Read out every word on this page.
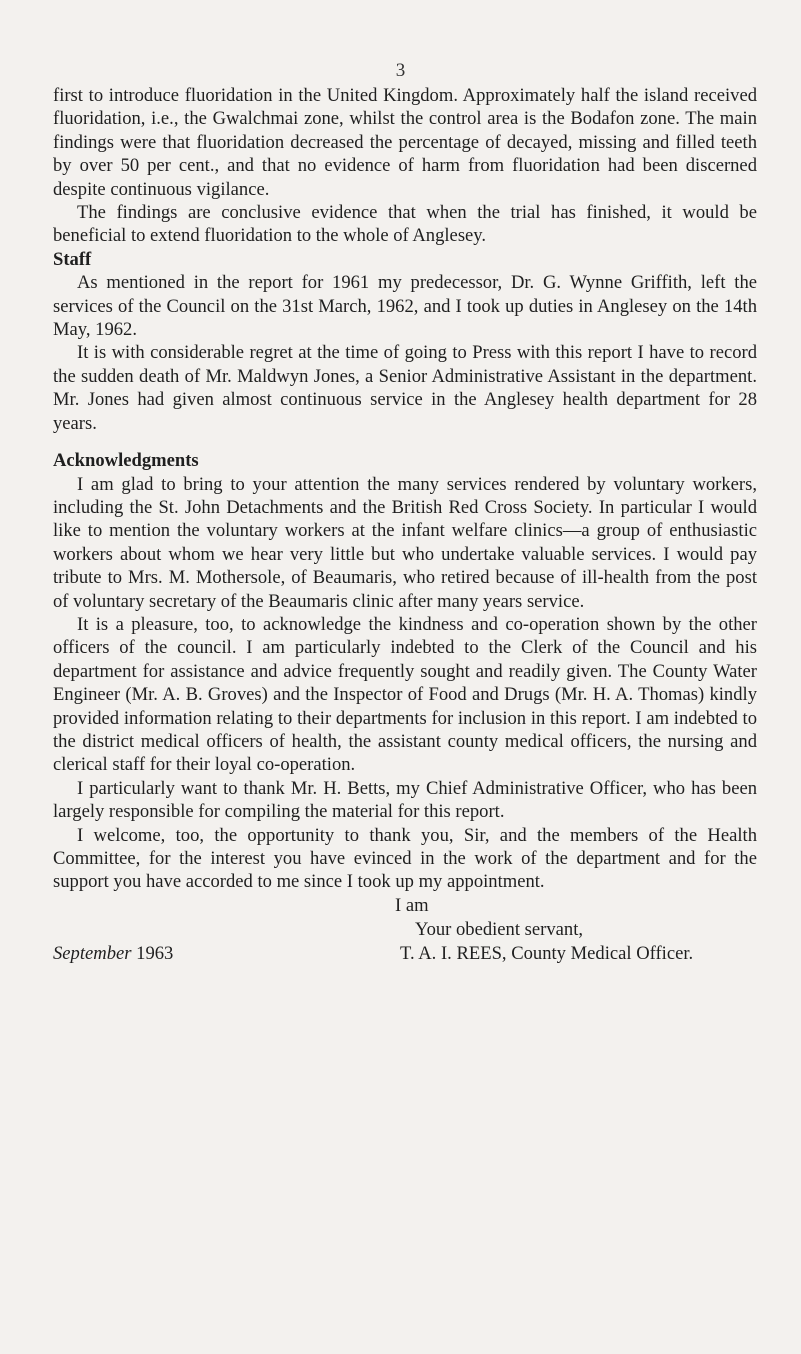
3

first to introduce fluoridation in the United Kingdom. Approximately half the island received fluoridation, i.e., the Gwalchmai zone, whilst the control area is the Bodafon zone. The main findings were that fluoridation decreased the percentage of decayed, missing and filled teeth by over 50 per cent., and that no evidence of harm from fluoridation had been discerned despite continuous vigilance.

The findings are conclusive evidence that when the trial has finished, it would be beneficial to extend fluoridation to the whole of Anglesey.

Staff

As mentioned in the report for 1961 my predecessor, Dr. G. Wynne Griffith, left the services of the Council on the 31st March, 1962, and I took up duties in Anglesey on the 14th May, 1962.

It is with considerable regret at the time of going to Press with this report I have to record the sudden death of Mr. Maldwyn Jones, a Senior Administrative Assistant in the department. Mr. Jones had given almost continuous service in the Anglesey health department for 28 years.

Acknowledgments

I am glad to bring to your attention the many services rendered by voluntary workers, including the St. John Detachments and the British Red Cross Society. In particular I would like to mention the voluntary workers at the infant welfare clinics—a group of enthusiastic workers about whom we hear very little but who undertake valuable services. I would pay tribute to Mrs. M. Mothersole, of Beaumaris, who retired because of ill-health from the post of voluntary secretary of the Beaumaris clinic after many years service.

It is a pleasure, too, to acknowledge the kindness and co-operation shown by the other officers of the council. I am particularly indebted to the Clerk of the Council and his department for assistance and advice frequently sought and readily given. The County Water Engineer (Mr. A. B. Groves) and the Inspector of Food and Drugs (Mr. H. A. Thomas) kindly provided information relating to their departments for inclusion in this report. I am indebted to the district medical officers of health, the assistant county medical officers, the nursing and clerical staff for their loyal co-operation.

I particularly want to thank Mr. H. Betts, my Chief Administrative Officer, who has been largely responsible for compiling the material for this report.

I welcome, too, the opportunity to thank you, Sir, and the members of the Health Committee, for the interest you have evinced in the work of the department and for the support you have accorded to me since I took up my appointment.

I am
Your obedient servant,
September 1963	T. A. I. REES, County Medical Officer.
